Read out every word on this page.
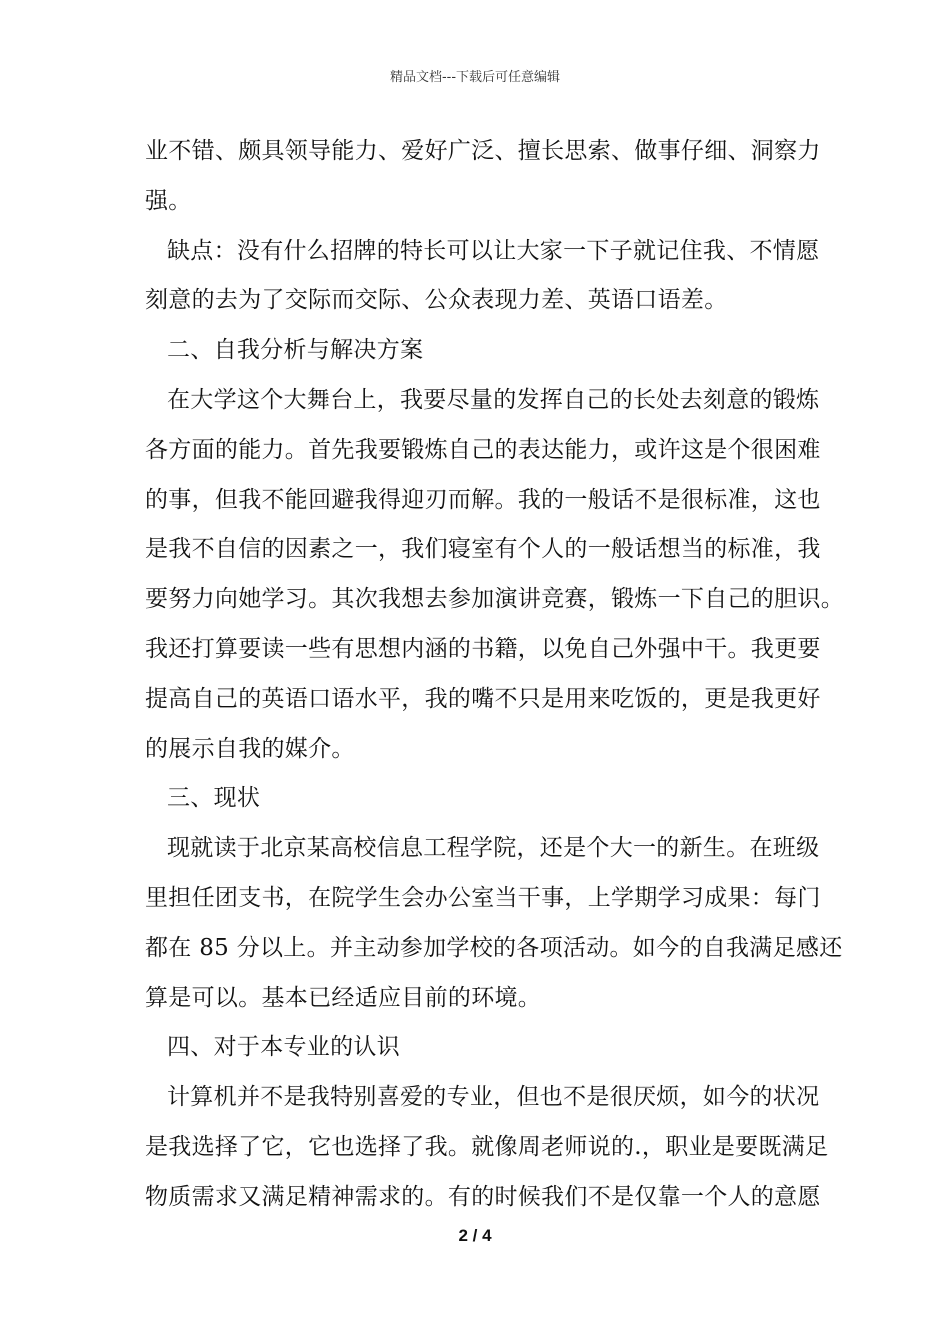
精品文档---下载后可任意编辑
业不错、颇具领导能力、爱好广泛、擅长思索、做事仔细、洞察力
强。
缺点：没有什么招牌的特长可以让大家一下子就记住我、不情愿
刻意的去为了交际而交际、公众表现力差、英语口语差。
二、自我分析与解决方案
在大学这个大舞台上，我要尽量的发挥自己的长处去刻意的锻炼
各方面的能力。首先我要锻炼自己的表达能力，或许这是个很困难
的事，但我不能回避我得迎刃而解。我的一般话不是很标准，这也
是我不自信的因素之一，我们寝室有个人的一般话想当的标准，我
要努力向她学习。其次我想去参加演讲竞赛，锻炼一下自己的胆识。
我还打算要读一些有思想内涵的书籍，以免自己外强中干。我更要
提高自己的英语口语水平，我的嘴不只是用来吃饭的，更是我更好
的展示自我的媒介。
三、现状
现就读于北京某高校信息工程学院，还是个大一的新生。在班级
里担任团支书，在院学生会办公室当干事，上学期学习成果：每门
都在 85 分以上。并主动参加学校的各项活动。如今的自我满足感还
算是可以。基本已经适应目前的环境。
四、对于本专业的认识
计算机并不是我特别喜爱的专业，但也不是很厌烦，如今的状况
是我选择了它，它也选择了我。就像周老师说的.，职业是要既满足
物质需求又满足精神需求的。有的时候我们不是仅靠一个人的意愿
2 / 4
